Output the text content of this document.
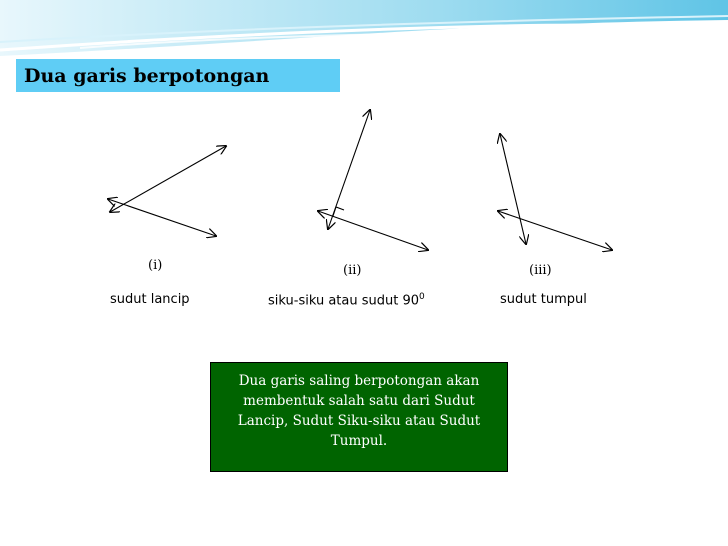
Dua garis berpotongan
(i)	(ii)	(iii)
sudut lancip	siku-siku atau sudut $90^0$	sudut tumpul
Dua garis saling berpotongan akan membentuk salah satu dari Sudut Lancip, Sudut Siku-siku atau Sudut Tumpul.
